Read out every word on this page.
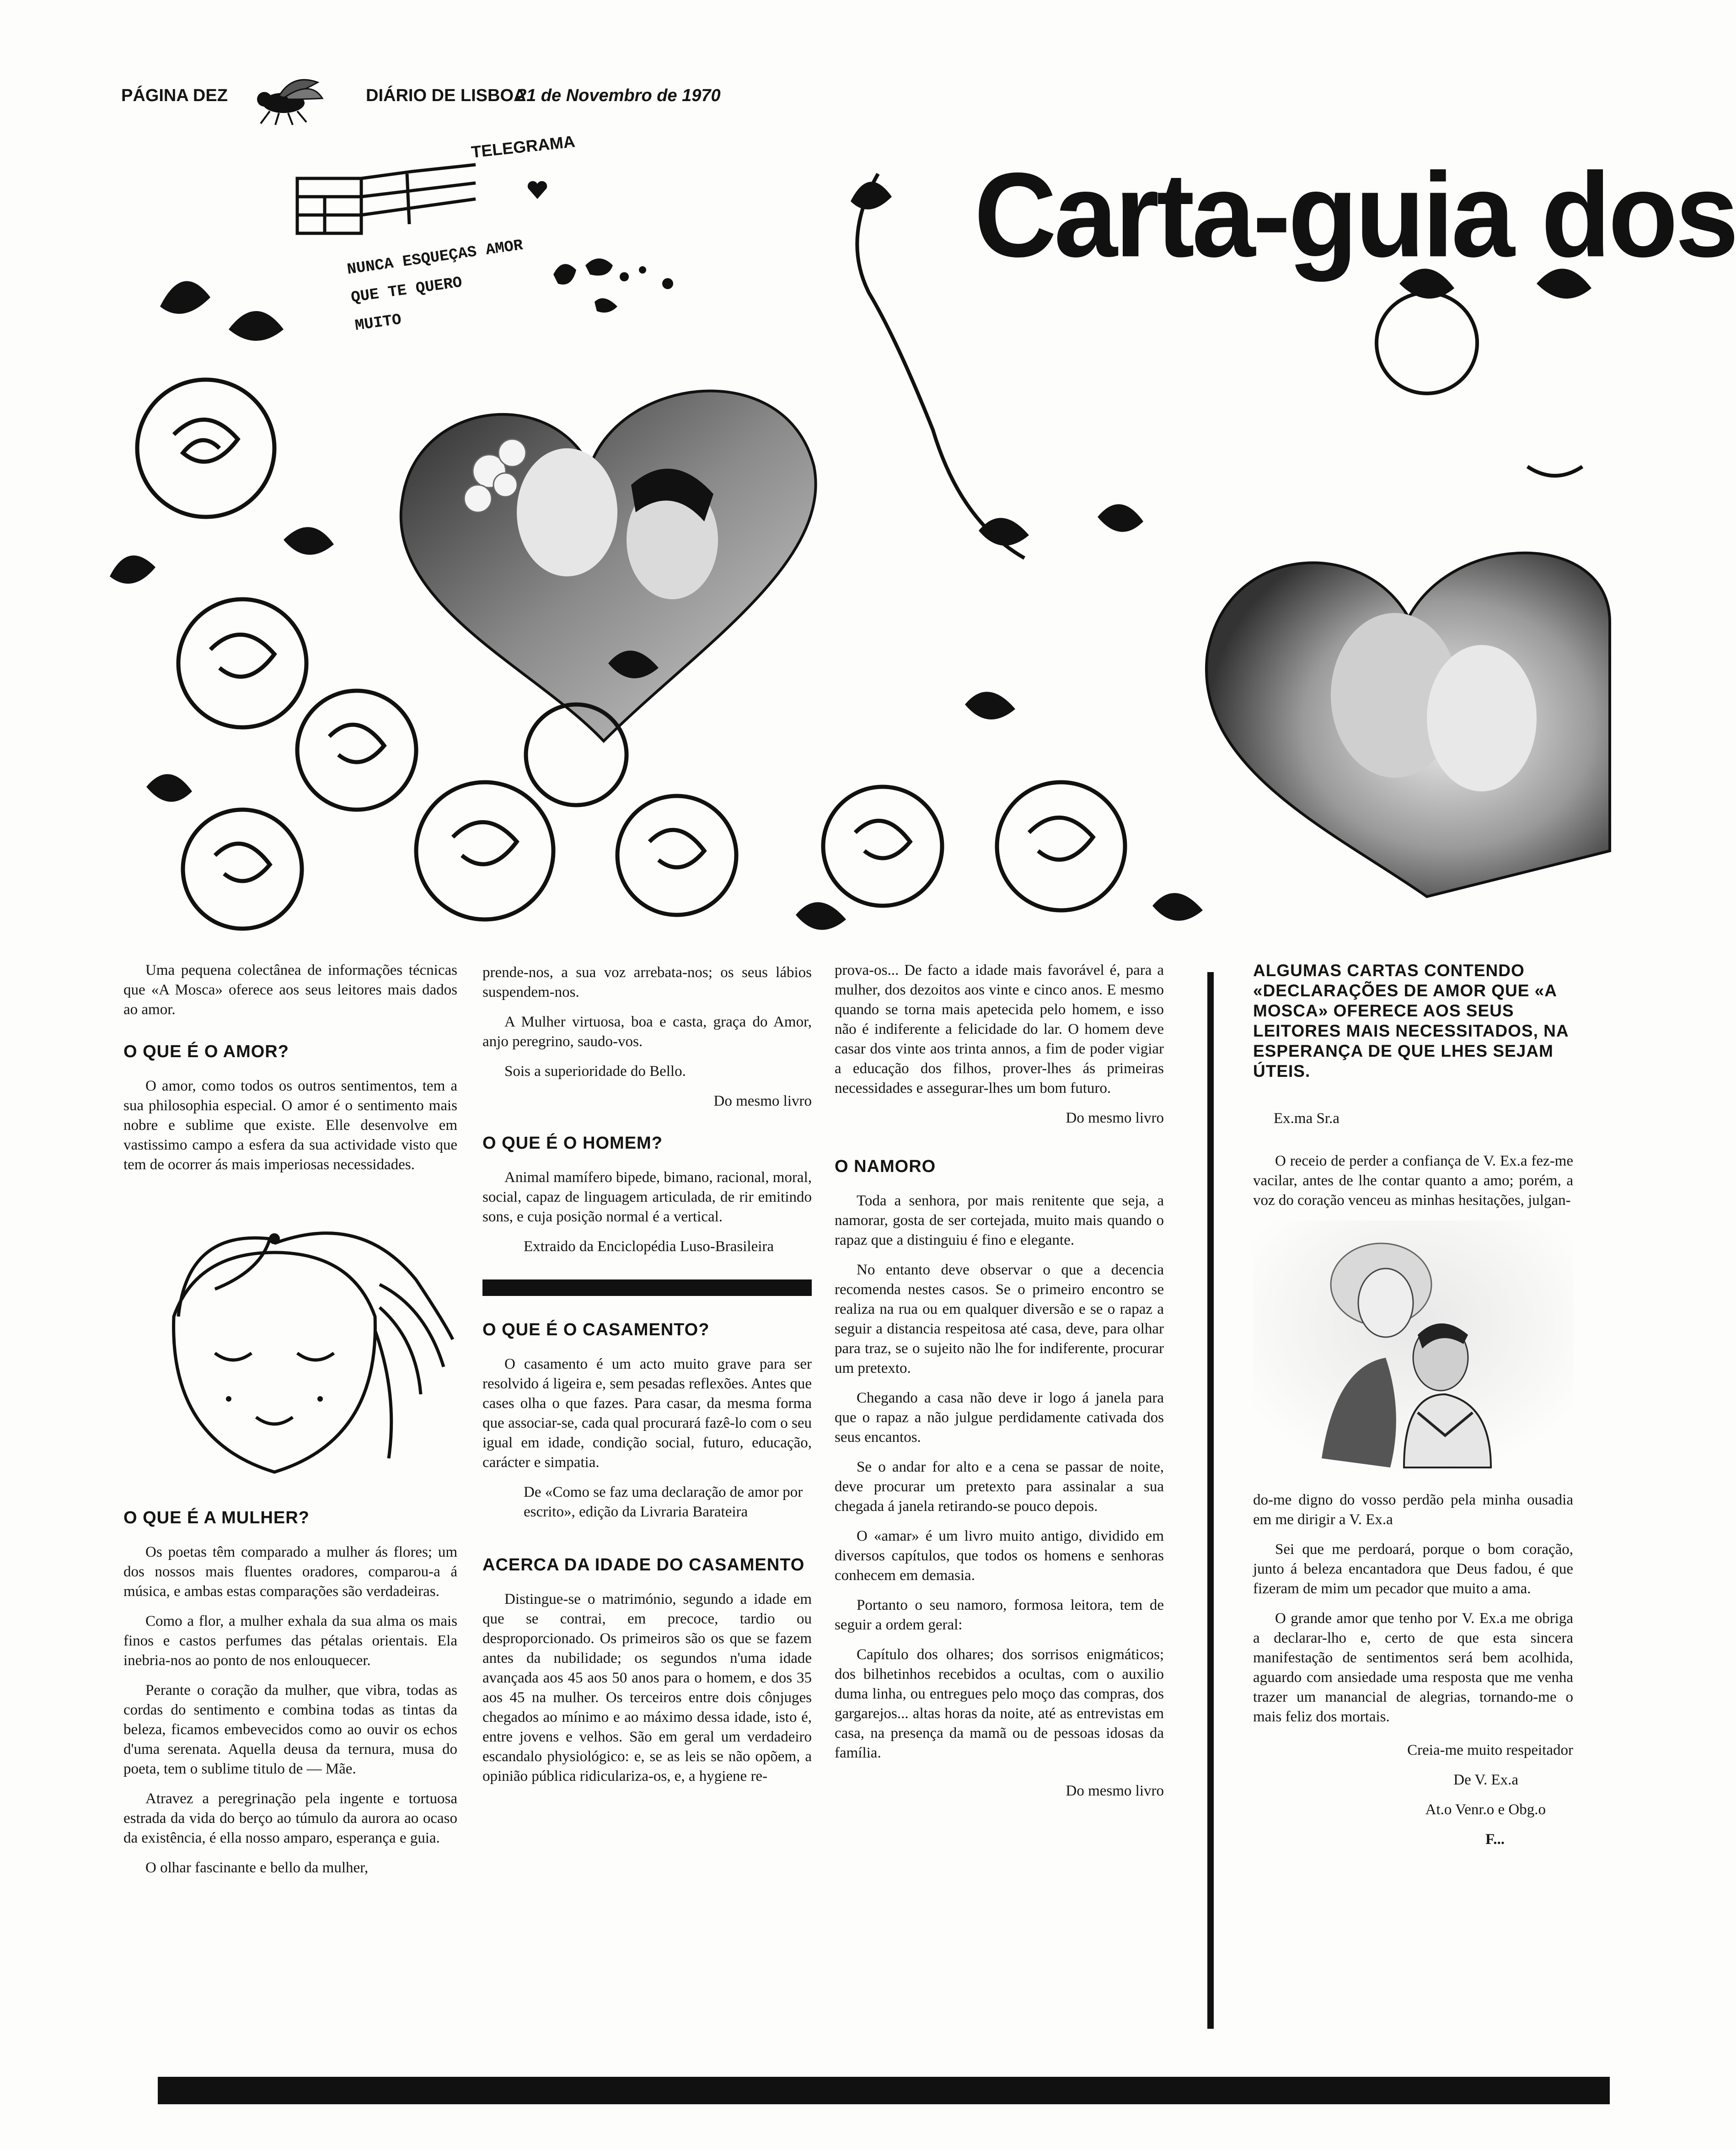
PÁGINA DEZ	DIÁRIO DE LISBOA
21 de Novembro de 1970
TELEGRAMA
NUNCA ESQUEÇAS AMOR
QUE TE QUERO
MUITO
Carta-guia dos

Uma pequena colectânea de informações técnicas que «A Mosca» oferece aos seus leitores mais dados ao amor.

O QUE É O AMOR?

O amor, como todos os outros sentimentos, tem a sua philosophia especial. O amor é o sentimento mais nobre e sublime que existe. Elle desenvolve em vastissimo campo a esfera da sua actividade visto que tem de ocorrer ás mais imperiosas necessidades.

O QUE É A MULHER?

Os poetas têm comparado a mulher ás flores; um dos nossos mais fluentes oradores, comparou-a á música, e ambas estas comparações são verdadeiras.

Como a flor, a mulher exhala da sua alma os mais finos e castos perfumes das pétalas orientais. Ela inebria-nos ao ponto de nos enlouquecer.

Perante o coração da mulher, que vibra, todas as cordas do sentimento e combina todas as tintas da beleza, ficamos embevecidos como ao ouvir os echos d'uma serenata. Aquella deusa da ternura, musa do poeta, tem o sublime titulo de — Mãe.

Atravez a peregrinação pela ingente e tortuosa estrada da vida do berço ao túmulo da aurora ao ocaso da existência, é ella nosso amparo, esperança e guia.

O olhar fascinante e bello da mulher,

prende-nos, a sua voz arrebata-nos; os seus lábios suspendem-nos.

A Mulher virtuosa, boa e casta, graça do Amor, anjo peregrino, saudo-vos.

Sois a superioridade do Bello.

Do mesmo livro

O QUE É O HOMEM?

Animal mamífero bipede, bimano, racional, moral, social, capaz de linguagem articulada, de rir emitindo sons, e cuja posição normal é a vertical.

Extraido da Enciclopédia Luso-Brasileira

O QUE É O CASAMENTO?

O casamento é um acto muito grave para ser resolvido á ligeira e, sem pesadas reflexões. Antes que cases olha o que fazes. Para casar, da mesma forma que associar-se, cada qual procurará fazê-lo com o seu igual em idade, condição social, futuro, educação, carácter e simpatia.

De «Como se faz uma declaração de amor por escrito», edição da Livraria Barateira

ACERCA DA IDADE DO CASAMENTO

Distingue-se o matrimónio, segundo a idade em que se contrai, em precoce, tardio ou desproporcionado. Os primeiros são os que se fazem antes da nubilidade; os segundos n'uma idade avançada aos 45 aos 50 anos para o homem, e dos 35 aos 45 na mulher. Os terceiros entre dois cônjuges chegados ao mínimo e ao máximo dessa idade, isto é, entre jovens e velhos. São em geral um verdadeiro escandalo physiológico: e, se as leis se não opõem, a opinião pública ridiculariza-os, e, a hygiene re-

prova-os... De facto a idade mais favorável é, para a mulher, dos dezoitos aos vinte e cinco anos. E mesmo quando se torna mais apetecida pelo homem, e isso não é indiferente a felicidade do lar. O homem deve casar dos vinte aos trinta annos, a fim de poder vigiar a educação dos filhos, prover-lhes ás primeiras necessidades e assegurar-lhes um bom futuro.

Do mesmo livro

O NAMORO

Toda a senhora, por mais renitente que seja, a namorar, gosta de ser cortejada, muito mais quando o rapaz que a distinguiu é fino e elegante.

No entanto deve observar o que a decencia recomenda nestes casos. Se o primeiro encontro se realiza na rua ou em qualquer diversão e se o rapaz a seguir a distancia respeitosa até casa, deve, para olhar para traz, se o sujeito não lhe for indiferente, procurar um pretexto.

Chegando a casa não deve ir logo á janela para que o rapaz a não julgue perdidamente cativada dos seus encantos.

Se o andar for alto e a cena se passar de noite, deve procurar um pretexto para assinalar a sua chegada á janela retirando-se pouco depois.

O «amar» é um livro muito antigo, dividido em diversos capítulos, que todos os homens e senhoras conhecem em demasia.

Portanto o seu namoro, formosa leitora, tem de seguir a ordem geral:

Capítulo dos olhares; dos sorrisos enigmáticos; dos bilhetinhos recebidos a ocultas, com o auxilio duma linha, ou entregues pelo moço das compras, dos gargarejos... altas horas da noite, até as entrevistas em casa, na presença da mamã ou de pessoas idosas da família.

Do mesmo livro

ALGUMAS CARTAS CONTENDO «DECLARAÇÕES DE AMOR QUE «A MOSCA» OFERECE AOS SEUS LEITORES MAIS NECESSITADOS, NA ESPERANÇA DE QUE LHES SEJAM ÚTEIS.

Ex.ma Sr.a

O receio de perder a confiança de V. Ex.a fez-me vacilar, antes de lhe contar quanto a amo; porém, a voz do coração venceu as minhas hesitações, julgan-

do-me digno do vosso perdão pela minha ousadia em me dirigir a V. Ex.a

Sei que me perdoará, porque o bom coração, junto á beleza encantadora que Deus fadou, é que fizeram de mim um pecador que muito a ama.

O grande amor que tenho por V. Ex.a me obriga a declarar-lho e, certo de que esta sincera manifestação de sentimentos será bem acolhida, aguardo com ansiedade uma resposta que me venha trazer um manancial de alegrias, tornando-me o mais feliz dos mortais.

Creia-me muito respeitador

De V. Ex.a

At.o Venr.o e Obg.o

F...
